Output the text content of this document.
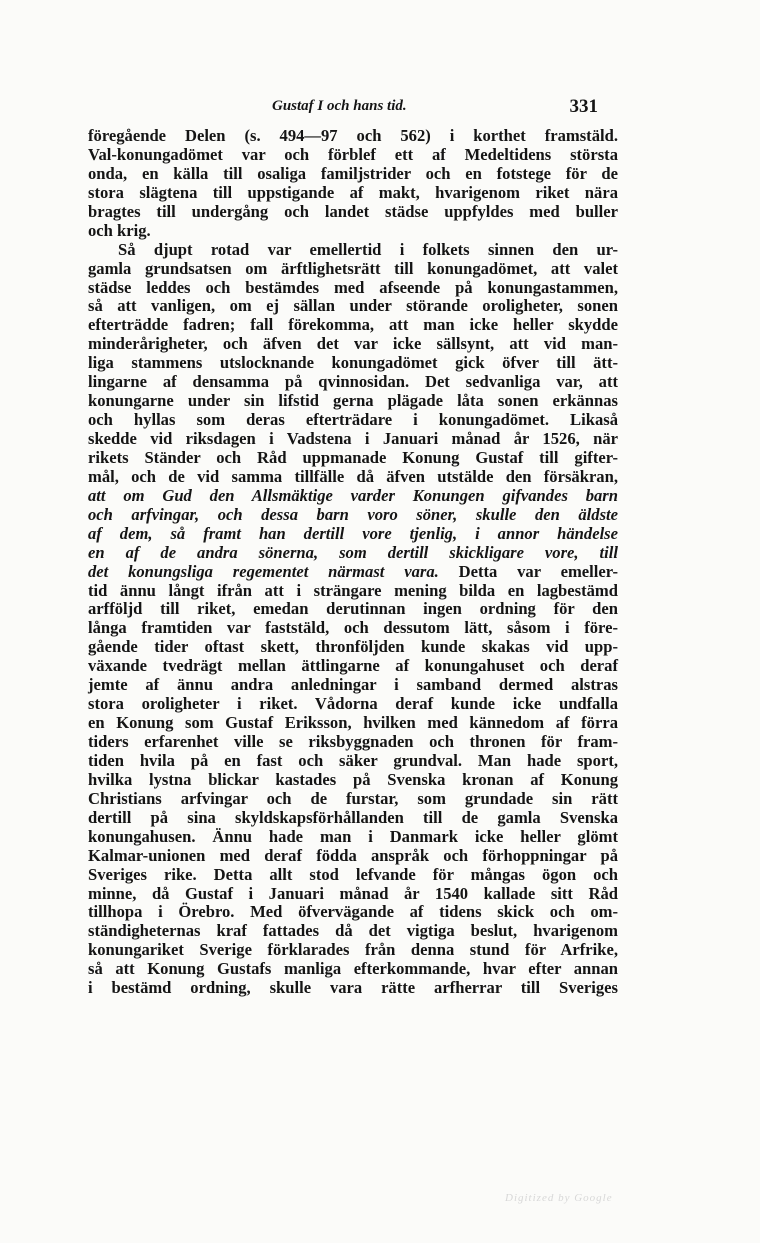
Gustaf I och hans tid.	331
föregående Delen (s. 494—97 och 562) i korthet framstäld.
Val-konungadömet var och förblef ett af Medeltidens största
onda, en källa till osaliga familjstrider och en fotstege för de
stora slägtena till uppstigande af makt, hvarigenom riket nära
bragtes till undergång och landet städse uppfyldes med buller
och krig.
Så djupt rotad var emellertid i folkets sinnen den ur-
gamla grundsatsen om ärftlighetsrätt till konungadömet, att valet
städse leddes och bestämdes med afseende på konungastammen,
så att vanligen, om ej sällan under störande oroligheter, sonen
efterträdde fadren; fall förekomma, att man icke heller skydde
minderårigheter, och äfven det var icke sällsynt, att vid man-
liga stammens utslocknande konungadömet gick öfver till ätt-
lingarne af densamma på qvinnosidan. Det sedvanliga var, att
konungarne under sin lifstid gerna plägade låta sonen erkännas
och hyllas som deras efterträdare i konungadömet. Likaså
skedde vid riksdagen i Vadstena i Januari månad år 1526, när
rikets Ständer och Råd uppmanade Konung Gustaf till gifter-
mål, och de vid samma tillfälle då äfven utstälde den försäkran,
att om Gud den Allsmäktige varder Konungen gifvandes barn
och arfvingar, och dessa barn voro söner, skulle den äldste
af dem, så framt han dertill vore tjenlig, i annor händelse
en af de andra sönerna, som dertill skickligare vore, till
det konungsliga regementet närmast vara. Detta var emeller-
tid ännu långt ifrån att i strängare mening bilda en lagbestämd
arfföljd till riket, emedan derutinnan ingen ordning för den
långa framtiden var faststäld, och dessutom lätt, såsom i före-
gående tider oftast skett, thronföljden kunde skakas vid upp-
växande tvedrägt mellan ättlingarne af konungahuset och deraf
jemte af ännu andra anledningar i samband dermed alstras
stora oroligheter i riket. Vådorna deraf kunde icke undfalla
en Konung som Gustaf Eriksson, hvilken med kännedom af förra
tiders erfarenhet ville se riksbyggnaden och thronen för fram-
tiden hvila på en fast och säker grundval. Man hade sport,
hvilka lystna blickar kastades på Svenska kronan af Konung
Christians arfvingar och de furstar, som grundade sin rätt
dertill på sina skyldskapsförhållanden till de gamla Svenska
konungahusen. Ännu hade man i Danmark icke heller glömt
Kalmar-unionen med deraf födda anspråk och förhoppningar på
Sveriges rike. Detta allt stod lefvande för mångas ögon och
minne, då Gustaf i Januari månad år 1540 kallade sitt Råd
tillhopa i Örebro. Med öfvervägande af tidens skick och om-
ständigheternas kraf fattades då det vigtiga beslut, hvarigenom
konungariket Sverige förklarades från denna stund för Arfrike,
så att Konung Gustafs manliga efterkommande, hvar efter annan
i bestämd ordning, skulle vara rätte arfherrar till Sveriges
Digitized by Google
